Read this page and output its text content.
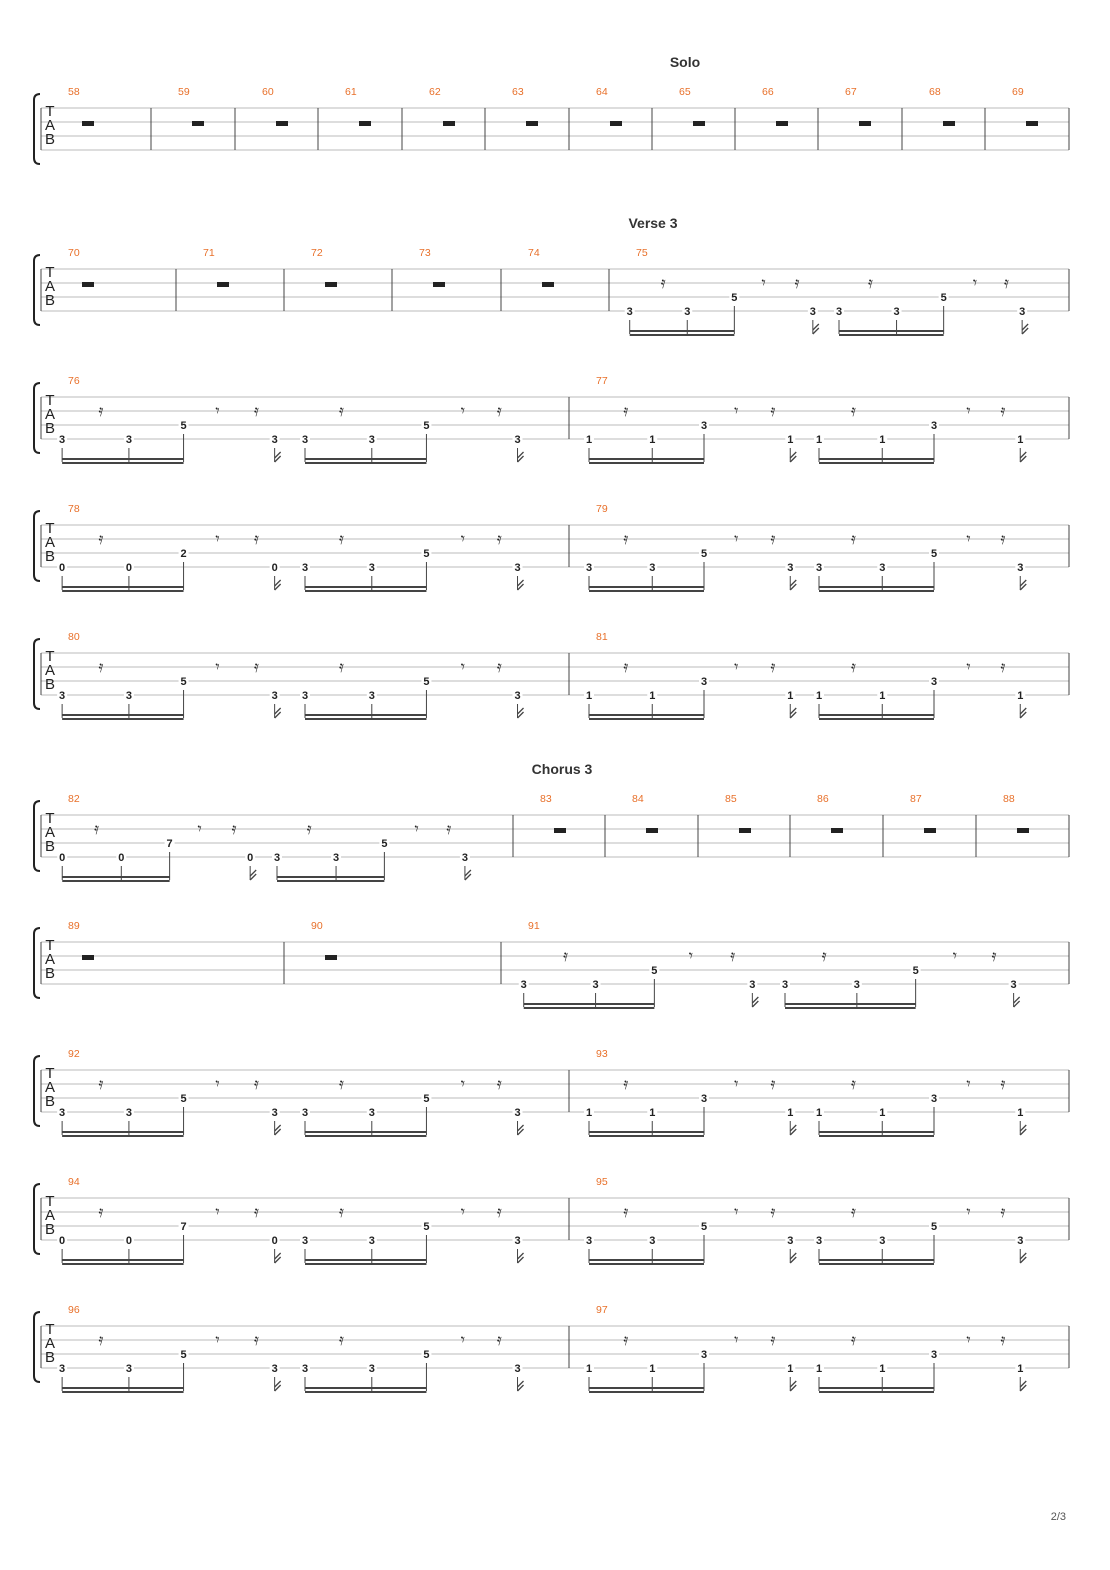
Solo
T
A
B
58	59	60	61	62	63	64	65	66	67	68	69
Verse 3
T
A
B
70	71	72	73	74	75
3	3
5
3 3	3
5
3
𝄿	𝄾 𝄿	𝄿	𝄾 𝄿
T
A
B
76
3	3
5
3 3	3
5
3
𝄿	𝄾 𝄿	𝄿	𝄾 𝄿
77
1	1
3
1 1	1
3
1
𝄿	𝄾 𝄿	𝄿	𝄾 𝄿
T
A
B
78
0	0
2
0 3	3
5
3
𝄿	𝄾 𝄿	𝄿	𝄾 𝄿
79
3	3
5
3 3	3
5
3
𝄿	𝄾 𝄿	𝄿	𝄾 𝄿
T
A
B
80
3	3
5
3 3	3
5
3
𝄿	𝄾 𝄿	𝄿	𝄾 𝄿
81
1	1
3
1 1	1
3
1
𝄿	𝄾 𝄿	𝄿	𝄾 𝄿
Chorus 3
T
A
B
82
0	0
7
0 3	3
5
3
𝄿	𝄾 𝄿	𝄿	𝄾 𝄿
83	84	85	86	87	88
T
A
B
89	90	91
3	3
5
3 3	3
5
3
𝄿	𝄾 𝄿	𝄿	𝄾 𝄿
T
A
B
92
3	3
5
3 3	3
5
3
𝄿	𝄾 𝄿	𝄿	𝄾 𝄿
93
1	1
3
1 1	1
3
1
𝄿	𝄾 𝄿	𝄿	𝄾 𝄿
T
A
B
94
0	0
7
0 3	3
5
3
𝄿	𝄾 𝄿	𝄿	𝄾 𝄿
95
3	3
5
3 3	3
5
3
𝄿	𝄾 𝄿	𝄿	𝄾 𝄿
T
A
B
96
3	3
5
3 3	3
5
3
𝄿	𝄾 𝄿	𝄿	𝄾 𝄿
97
1	1
3
1 1	1
3
1
𝄿	𝄾 𝄿	𝄿	𝄾 𝄿
2/3
